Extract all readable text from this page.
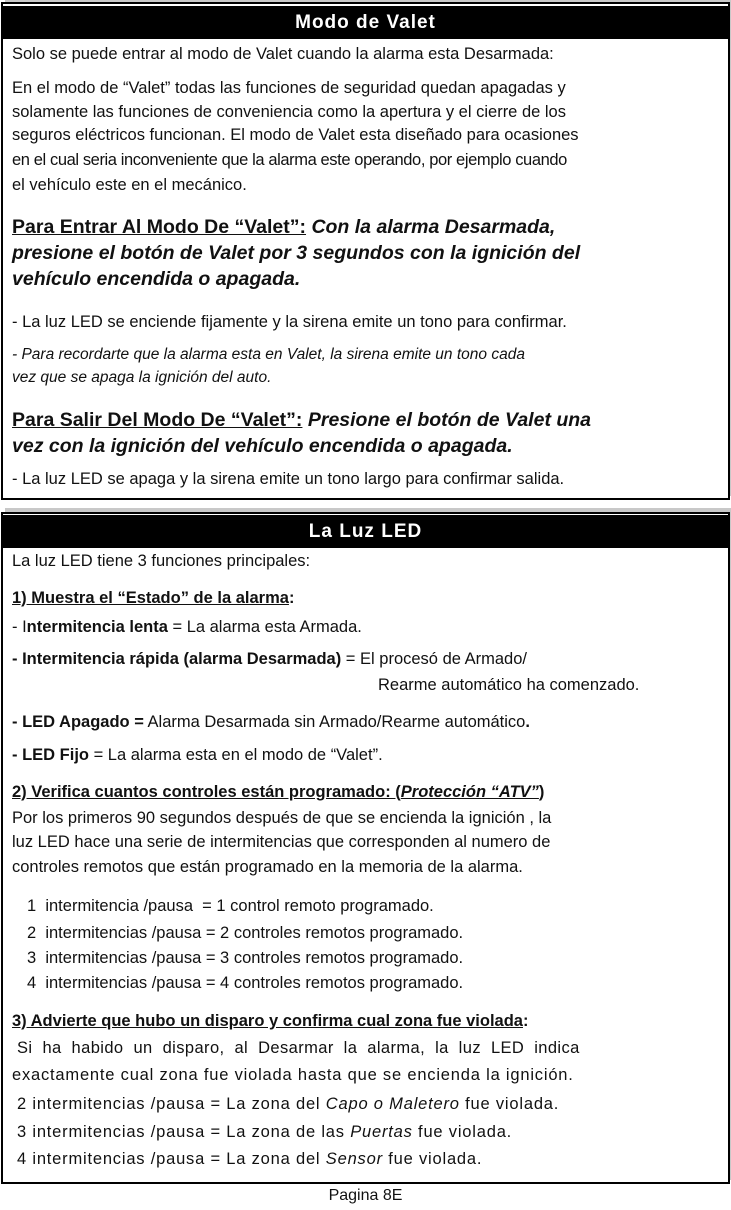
Modo de Valet
Solo se puede entrar al modo de Valet cuando la alarma esta Desarmada:
En el modo de “Valet” todas las funciones de seguridad quedan apagadas y
solamente las funciones de conveniencia como la apertura y el cierre de los
seguros eléctricos funcionan. El modo de Valet esta diseñado para ocasiones
en el cual seria inconveniente que la alarma este operando, por ejemplo cuando
el vehículo este en el mecánico.
Para Entrar Al Modo De “Valet”: Con la alarma Desarmada,
presione el botón de Valet por 3 segundos con la ignición del
vehículo encendida o apagada.
- La luz LED se enciende fijamente y la sirena emite un tono para confirmar.
- Para recordarte que la alarma esta en Valet, la sirena emite un tono cada
vez que se apaga la ignición del auto.
Para Salir Del Modo De “Valet”: Presione el botón de Valet una
vez con la ignición del vehículo encendida o apagada.
- La luz LED se apaga y la sirena emite un tono largo para confirmar salida.
La Luz LED
La luz LED tiene 3 funciones principales:
1) Muestra el “Estado” de la alarma:
- Intermitencia lenta = La alarma esta Armada.
- Intermitencia rápida (alarma Desarmada) = El procesó de Armado/
Rearme automático ha comenzado.
- LED Apagado = Alarma Desarmada sin Armado/Rearme automático.
- LED Fijo = La alarma esta en el modo de “Valet”.
2) Verifica cuantos controles están programado: (Protección “ATV”)
Por los primeros 90 segundos después de que se encienda la ignición , la
luz LED hace una serie de intermitencias que corresponden al numero de
controles remotos que están programado en la memoria de la alarma.
1  intermitencia /pausa  = 1 control remoto programado.
2  intermitencias /pausa = 2 controles remotos programado.
3  intermitencias /pausa = 3 controles remotos programado.
4  intermitencias /pausa = 4 controles remotos programado.
3) Advierte que hubo un disparo y confirma cual zona fue violada:
Si  ha  habido  un  disparo,  al  Desarmar  la  alarma,  la  luz  LED  indica
exactamente cual zona fue violada hasta que se encienda la ignición.
2 intermitencias /pausa = La zona del Capo o Maletero fue violada.
3 intermitencias /pausa = La zona de las Puertas fue violada.
4 intermitencias /pausa = La zona del Sensor fue violada.
Pagina 8E
